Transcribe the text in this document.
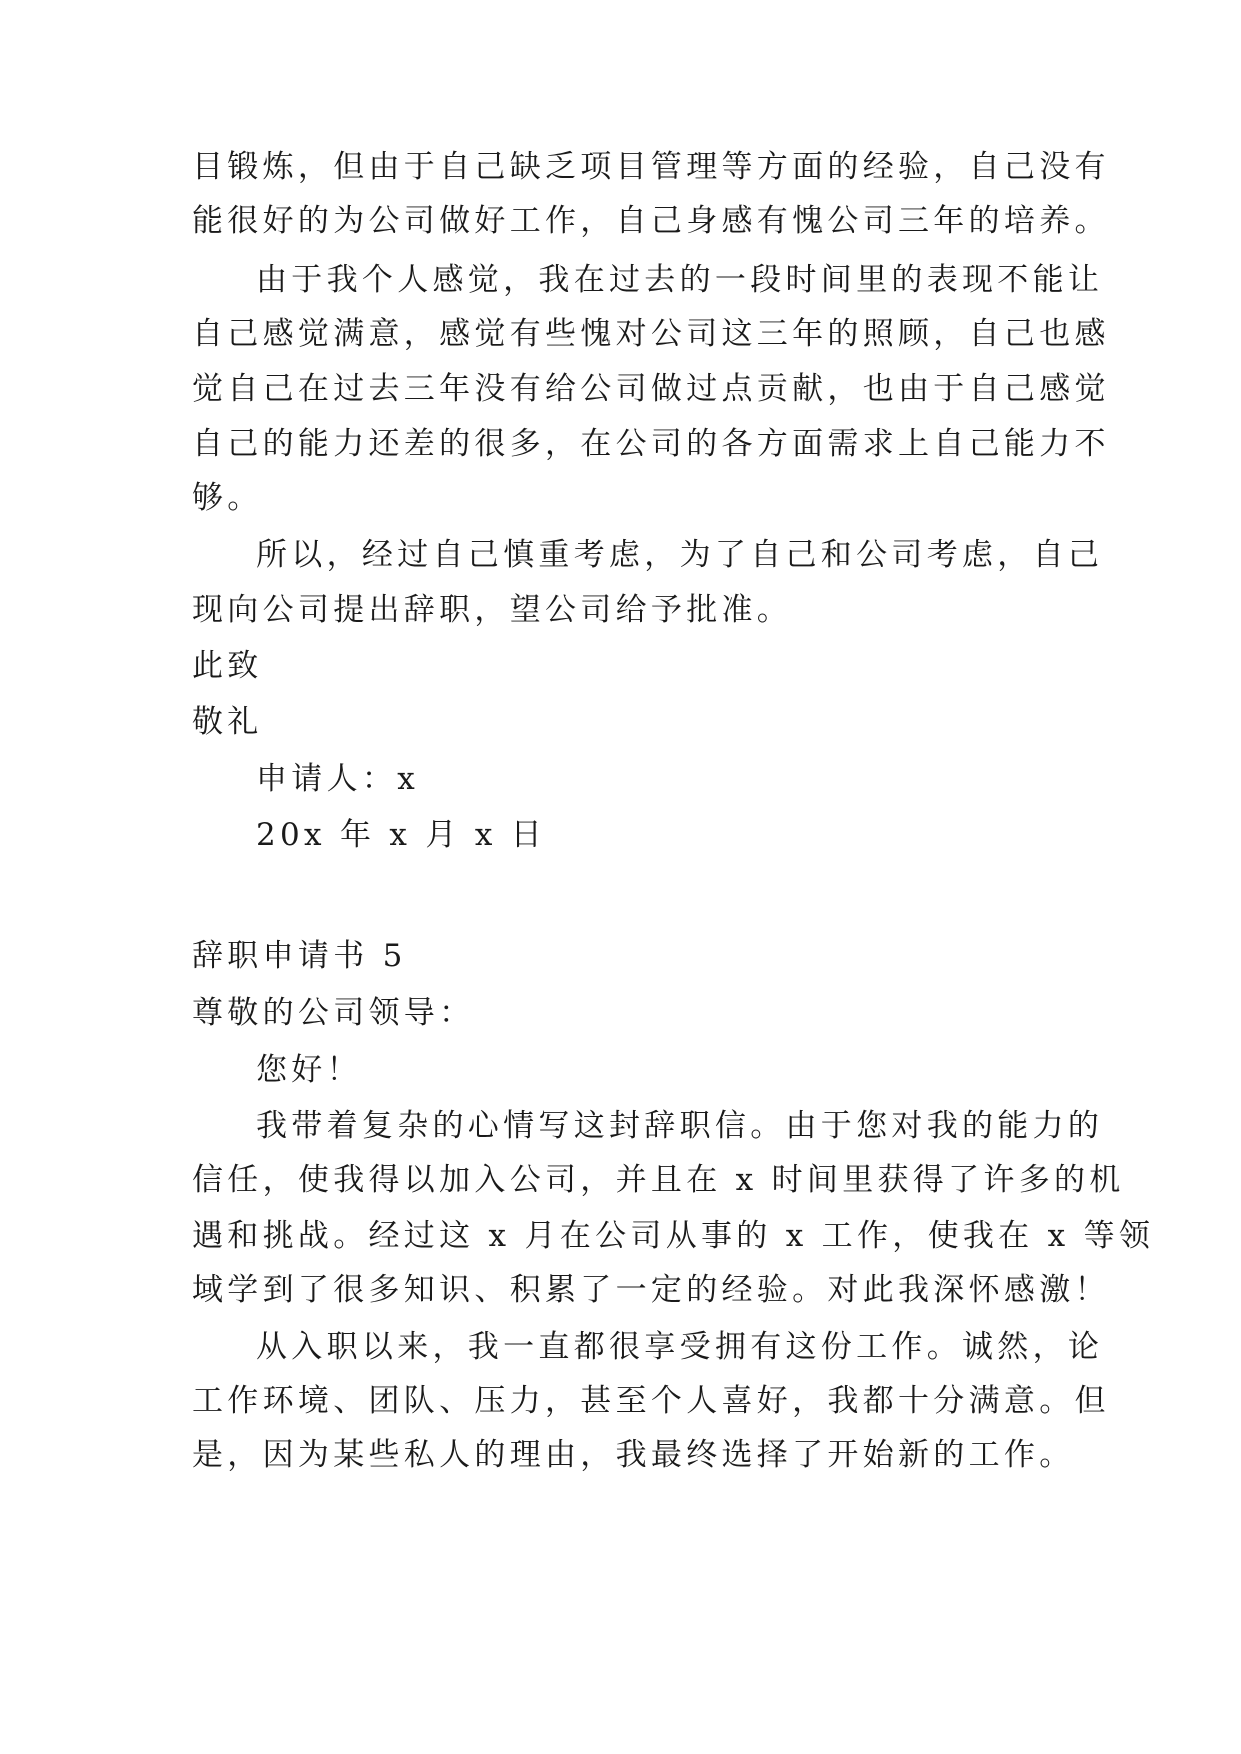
目锻炼，但由于自己缺乏项目管理等方面的经验，自己没有
能很好的为公司做好工作，自己身感有愧公司三年的培养。
由于我个人感觉，我在过去的一段时间里的表现不能让
自己感觉满意，感觉有些愧对公司这三年的照顾，自己也感
觉自己在过去三年没有给公司做过点贡献，也由于自己感觉
自己的能力还差的很多，在公司的各方面需求上自己能力不
够。
所以，经过自己慎重考虑，为了自己和公司考虑，自己
现向公司提出辞职，望公司给予批准。
此致
敬礼
申请人：x
20x 年 x 月 x 日
辞职申请书 5
尊敬的公司领导：
您好！
我带着复杂的心情写这封辞职信。由于您对我的能力的
信任，使我得以加入公司，并且在 x 时间里获得了许多的机
遇和挑战。经过这 x 月在公司从事的 x 工作，使我在 x 等领
域学到了很多知识、积累了一定的经验。对此我深怀感激！
从入职以来，我一直都很享受拥有这份工作。诚然，论
工作环境、团队、压力，甚至个人喜好，我都十分满意。但
是，因为某些私人的理由，我最终选择了开始新的工作。
